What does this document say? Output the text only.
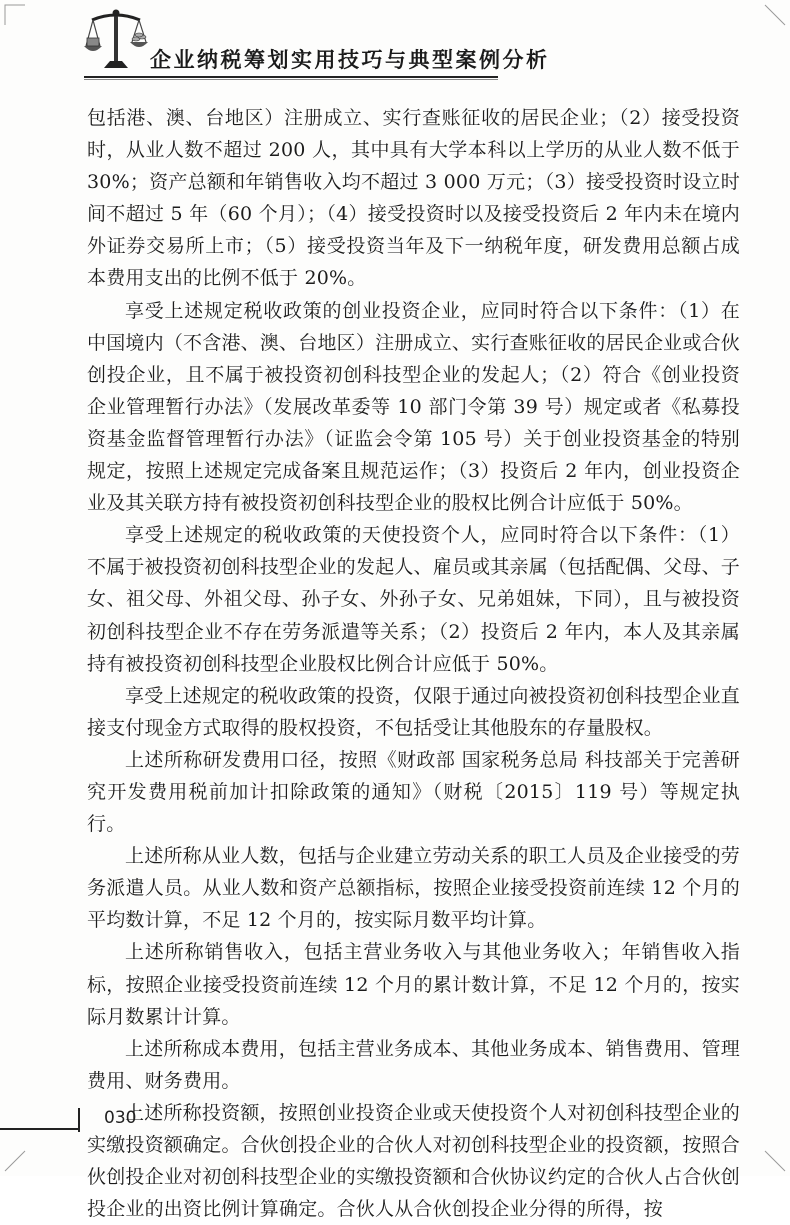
企业纳税筹划实用技巧与典型案例分析

包括港、澳、台地区）注册成立、实行查账征收的居民企业；（2）接受投资时，从业人数不超过 200 人，其中具有大学本科以上学历的从业人数不低于 30%；资产总额和年销售收入均不超过 3 000 万元；（3）接受投资时设立时间不超过 5 年（60 个月）；（4）接受投资时以及接受投资后 2 年内未在境内外证券交易所上市；（5）接受投资当年及下一纳税年度，研发费用总额占成本费用支出的比例不低于 20%。

享受上述规定税收政策的创业投资企业，应同时符合以下条件：（1）在中国境内（不含港、澳、台地区）注册成立、实行查账征收的居民企业或合伙创投企业，且不属于被投资初创科技型企业的发起人；（2）符合《创业投资企业管理暂行办法》（发展改革委等 10 部门令第 39 号）规定或者《私募投资基金监督管理暂行办法》（证监会令第 105 号）关于创业投资基金的特别规定，按照上述规定完成备案且规范运作；（3）投资后 2 年内，创业投资企业及其关联方持有被投资初创科技型企业的股权比例合计应低于 50%。

享受上述规定的税收政策的天使投资个人，应同时符合以下条件：（1）不属于被投资初创科技型企业的发起人、雇员或其亲属（包括配偶、父母、子女、祖父母、外祖父母、孙子女、外孙子女、兄弟姐妹，下同），且与被投资初创科技型企业不存在劳务派遣等关系；（2）投资后 2 年内，本人及其亲属持有被投资初创科技型企业股权比例合计应低于 50%。

享受上述规定的税收政策的投资，仅限于通过向被投资初创科技型企业直接支付现金方式取得的股权投资，不包括受让其他股东的存量股权。

上述所称研发费用口径，按照《财政部 国家税务总局 科技部关于完善研究开发费用税前加计扣除政策的通知》（财税〔2015〕119 号）等规定执行。

上述所称从业人数，包括与企业建立劳动关系的职工人员及企业接受的劳务派遣人员。从业人数和资产总额指标，按照企业接受投资前连续 12 个月的平均数计算，不足 12 个月的，按实际月数平均计算。

上述所称销售收入，包括主营业务收入与其他业务收入；年销售收入指标，按照企业接受投资前连续 12 个月的累计数计算，不足 12 个月的，按实际月数累计计算。

上述所称成本费用，包括主营业务成本、其他业务成本、销售费用、管理费用、财务费用。

上述所称投资额，按照创业投资企业或天使投资个人对初创科技型企业的实缴投资额确定。合伙创投企业的合伙人对初创科技型企业的投资额，按照合伙创投企业对初创科技型企业的实缴投资额和合伙协议约定的合伙人占合伙创投企业的出资比例计算确定。合伙人从合伙创投企业分得的所得，按

030
